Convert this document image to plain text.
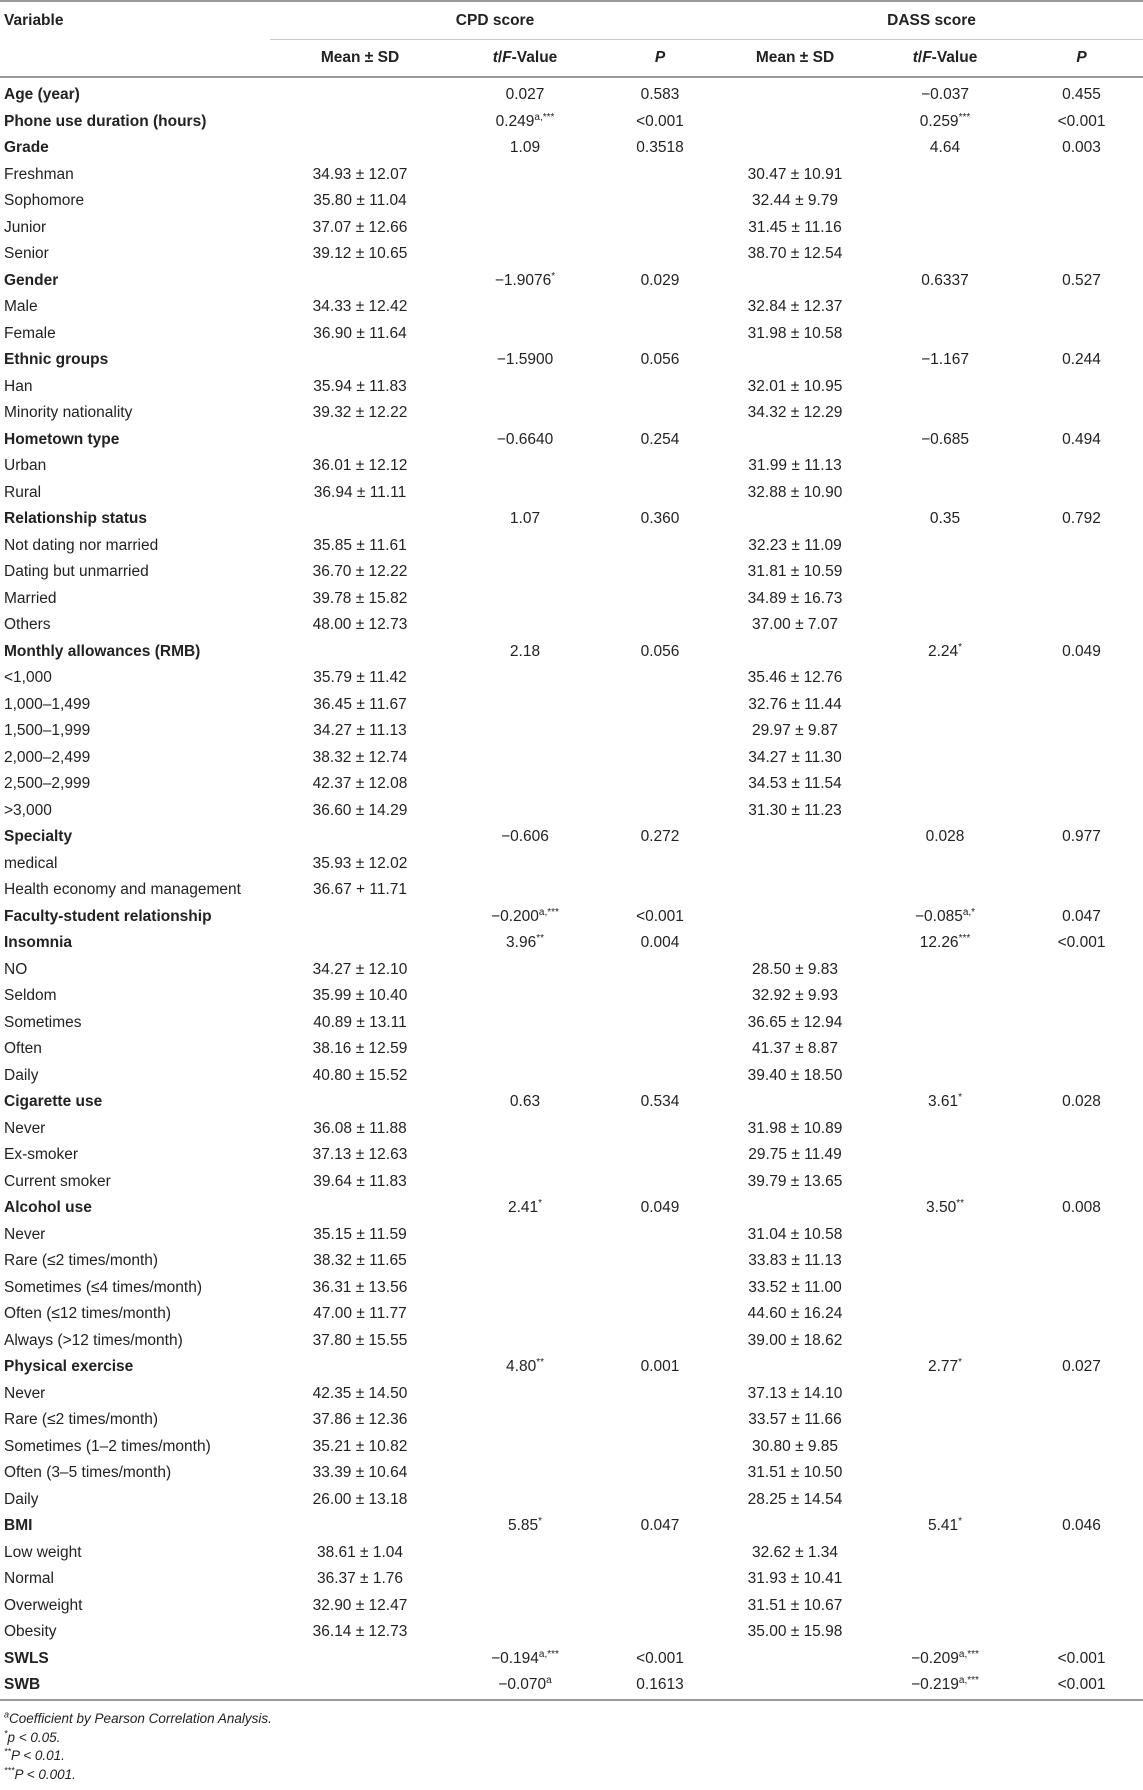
Variable	CPD score			DASS score		
	Mean ± SD	t/F-Value	P	Mean ± SD	t/F-Value	P
Age (year)		0.027	0.583		−0.037	0.455
Phone use duration (hours)		$0.249^{a,***}$	<0.001		0.259***	<0.001
Grade		1.09	0.3518		4.64	0.003
Freshman	34.93 ± 12.07			30.47 ± 10.91		
Sophomore	35.80 ± 11.04			32.44 ± 9.79		
Junior	37.07 ± 12.66			31.45 ± 11.16		
Senior	39.12 ± 10.65			38.70 ± 12.54		
Gender		−1.9076*	0.029		0.6337	0.527
Male	34.33 ± 12.42			32.84 ± 12.37		
Female	36.90 ± 11.64			31.98 ± 10.58		
Ethnic groups		−1.5900	0.056		−1.167	0.244
Han	35.94 ± 11.83			32.01 ± 10.95		
Minority nationality	39.32 ± 12.22			34.32 ± 12.29		
Hometown type		−0.6640	0.254		−0.685	0.494
Urban	36.01 ± 12.12			31.99 ± 11.13		
Rural	36.94 ± 11.11			32.88 ± 10.90		
Relationship status		1.07	0.360		0.35	0.792
Not dating nor married	35.85 ± 11.61			32.23 ± 11.09		
Dating but unmarried	36.70 ± 12.22			31.81 ± 10.59		
Married	39.78 ± 15.82			34.89 ± 16.73		
Others	48.00 ± 12.73			37.00 ± 7.07		
Monthly allowances (RMB)		2.18	0.056		2.24*	0.049
<1,000	35.79 ± 11.42			35.46 ± 12.76		
1,000–1,499	36.45 ± 11.67			32.76 ± 11.44		
1,500–1,999	34.27 ± 11.13			29.97 ± 9.87		
2,000–2,499	38.32 ± 12.74			34.27 ± 11.30		
2,500–2,999	42.37 ± 12.08			34.53 ± 11.54		
>3,000	36.60 ± 14.29			31.30 ± 11.23		
Specialty		−0.606	0.272		0.028	0.977
medical	35.93 ± 12.02					
Health economy and management	36.67 + 11.71					
Faculty-student relationship		$-0.200^{a,***}$	<0.001		$-0.085^{a,*}$	0.047
Insomnia		3.96**	0.004		12.26***	<0.001
NO	34.27 ± 12.10			28.50 ± 9.83		
Seldom	35.99 ± 10.40			32.92 ± 9.93		
Sometimes	40.89 ± 13.11			36.65 ± 12.94		
Often	38.16 ± 12.59			41.37 ± 8.87		
Daily	40.80 ± 15.52			39.40 ± 18.50		
Cigarette use		0.63	0.534		3.61*	0.028
Never	36.08 ± 11.88			31.98 ± 10.89		
Ex-smoker	37.13 ± 12.63			29.75 ± 11.49		
Current smoker	39.64 ± 11.83			39.79 ± 13.65		
Alcohol use		2.41*	0.049		3.50**	0.008
Never	35.15 ± 11.59			31.04 ± 10.58		
Rare (≤2 times/month)	38.32 ± 11.65			33.83 ± 11.13		
Sometimes (≤4 times/month)	36.31 ± 13.56			33.52 ± 11.00		
Often (≤12 times/month)	47.00 ± 11.77			44.60 ± 16.24		
Always (>12 times/month)	37.80 ± 15.55			39.00 ± 18.62		
Physical exercise		4.80**	0.001		2.77*	0.027
Never	42.35 ± 14.50			37.13 ± 14.10		
Rare (≤2 times/month)	37.86 ± 12.36			33.57 ± 11.66		
Sometimes (1–2 times/month)	35.21 ± 10.82			30.80 ± 9.85		
Often (3–5 times/month)	33.39 ± 10.64			31.51 ± 10.50		
Daily	26.00 ± 13.18			28.25 ± 14.54		
BMI		5.85*	0.047		5.41*	0.046
Low weight	38.61 ± 1.04			32.62 ± 1.34		
Normal	36.37 ± 1.76			31.93 ± 10.41		
Overweight	32.90 ± 12.47			31.51 ± 10.67		
Obesity	36.14 ± 12.73			35.00 ± 15.98		
SWLS		$-0.194^{a,***}$	<0.001		$-0.209^{a,***}$	<0.001
SWB		−0.070$^a$	0.1613		$-0.219^{a,***}$	<0.001
$^a$Coefficient by Pearson Correlation Analysis.
*p < 0.05.
**P < 0.01.
***P < 0.001.
